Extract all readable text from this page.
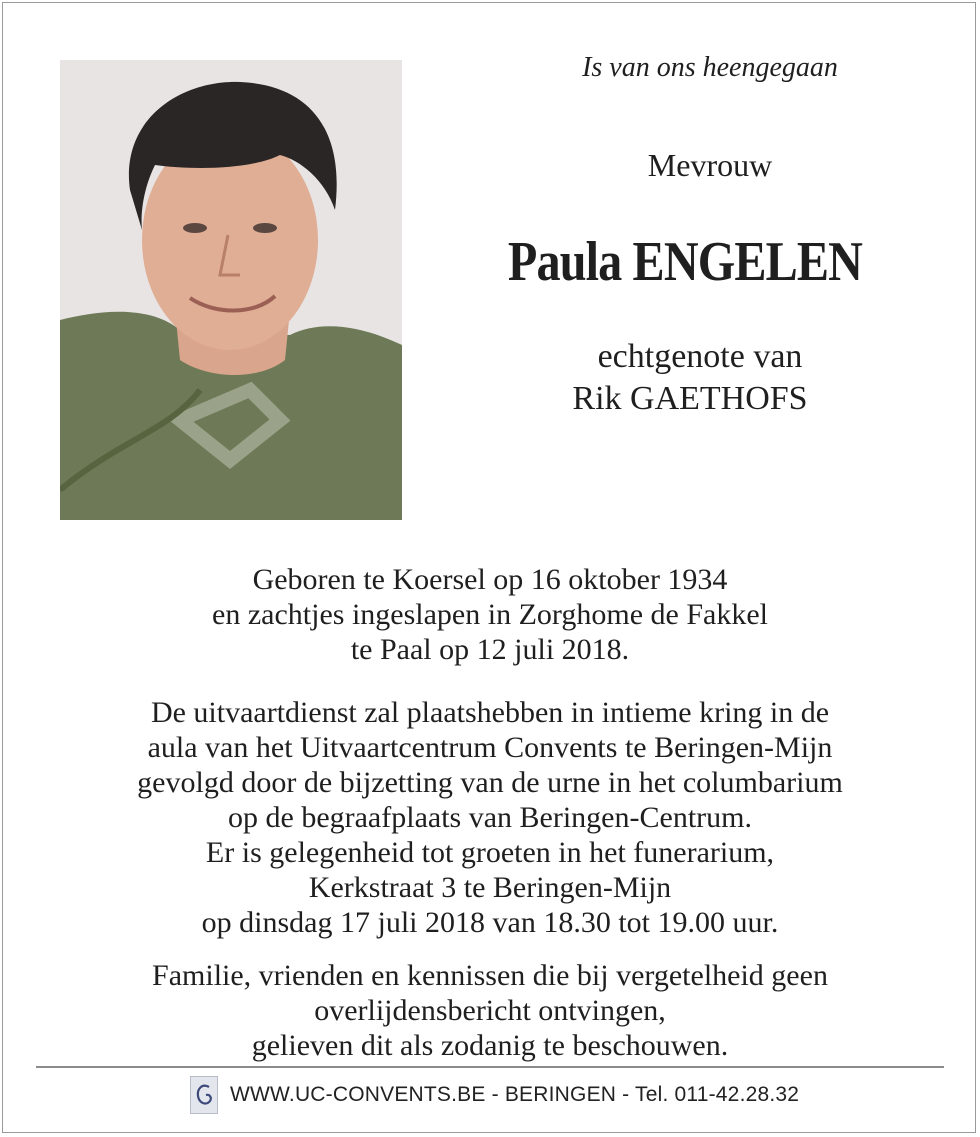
Is van ons heengegaan
Mevrouw
Paula ENGELEN
echtgenote van
Rik GAETHOFS
Geboren te Koersel op 16 oktober 1934
en zachtjes ingeslapen in Zorghome de Fakkel
te Paal op 12 juli 2018.
De uitvaartdienst zal plaatshebben in intieme kring in de
aula van het Uitvaartcentrum Convents te Beringen-Mijn
gevolgd door de bijzetting van de urne in het columbarium
op de begraafplaats van Beringen-Centrum.
Er is gelegenheid tot groeten in het funerarium,
Kerkstraat 3 te Beringen-Mijn
op dinsdag 17 juli 2018 van 18.30 tot 19.00 uur.
Familie, vrienden en kennissen die bij vergetelheid geen
overlijdensbericht ontvingen,
gelieven dit als zodanig te beschouwen.
WWW.UC-CONVENTS.BE - BERINGEN - Tel. 011-42.28.32
